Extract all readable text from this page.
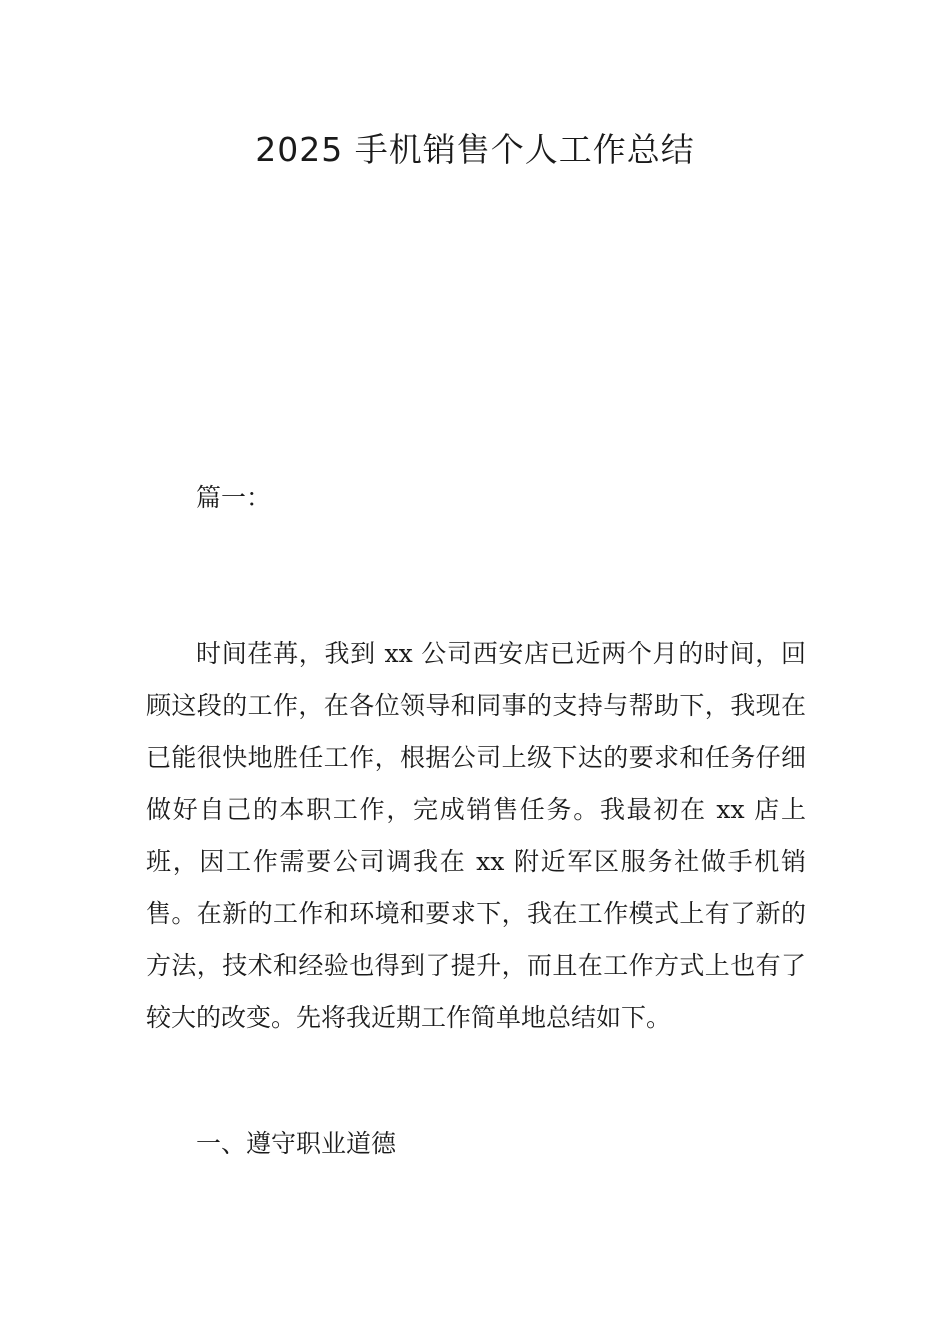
2025 手机销售个人工作总结

篇一：

时间荏苒，我到 xx 公司西安店已近两个月的时间，回顾这段的工作，在各位领导和同事的支持与帮助下，我现在已能很快地胜任工作，根据公司上级下达的要求和任务仔细做好自己的本职工作，完成销售任务。我最初在 xx 店上班，因工作需要公司调我在 xx 附近军区服务社做手机销售。在新的工作和环境和要求下，我在工作模式上有了新的方法，技术和经验也得到了提升，而且在工作方式上也有了较大的改变。先将我近期工作简单地总结如下。

一、遵守职业道德
